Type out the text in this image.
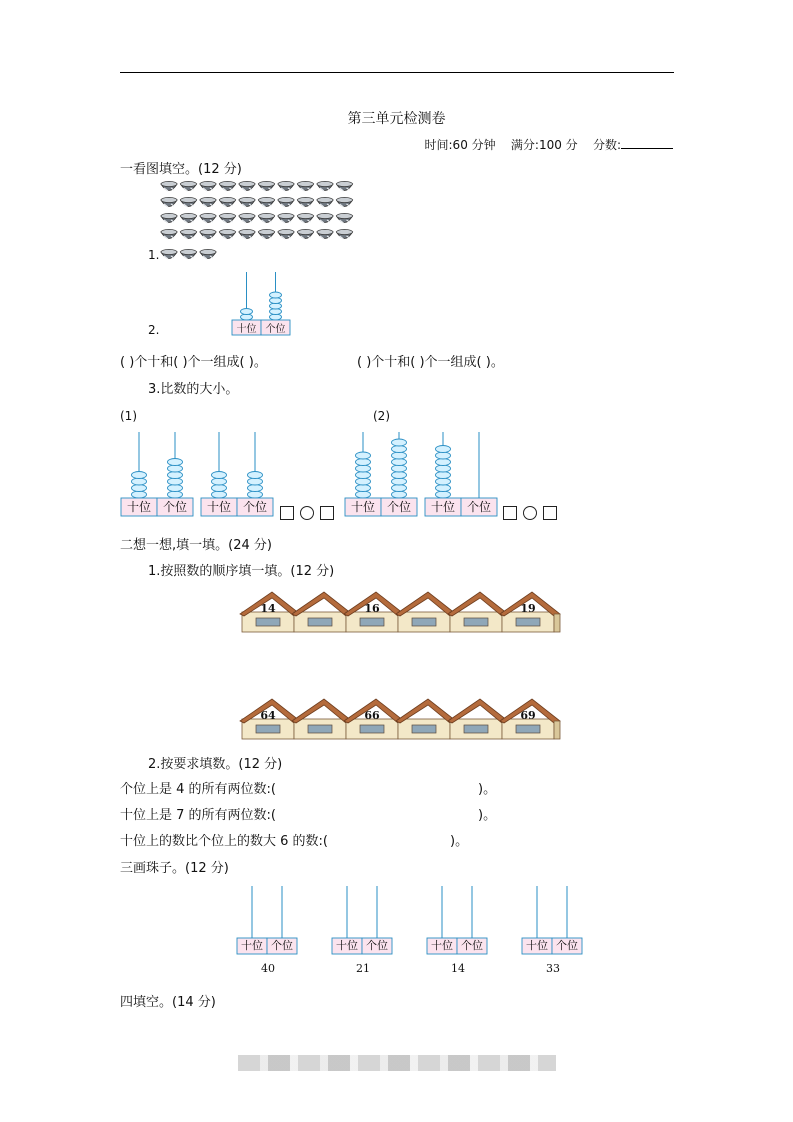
第三单元检测卷
时间:60 分钟 满分:100 分 分数:
一看图填空。(12 分)
1.
2.	十位 个位
( )个十和( )个一组成( )。	( )个十和( )个一组成( )。
3.比数的大小。
(1)	(2)
十位 个位 十位 个位	十位 个位 十位 个位
二想一想,填一填。(24 分)
1.按照数的顺序填一填。(12 分)
14	16	19
64	66	69
2.按要求填数。(12 分)
个位上是 4 的所有两位数:(	)。
十位上是 7 的所有两位数:(	)。
十位上的数比个位上的数大 6 的数:(	)。
三画珠子。(12 分)
十位 个位
40
十位 个位
21
十位 个位
14
十位 个位
33
四填空。(14 分)
